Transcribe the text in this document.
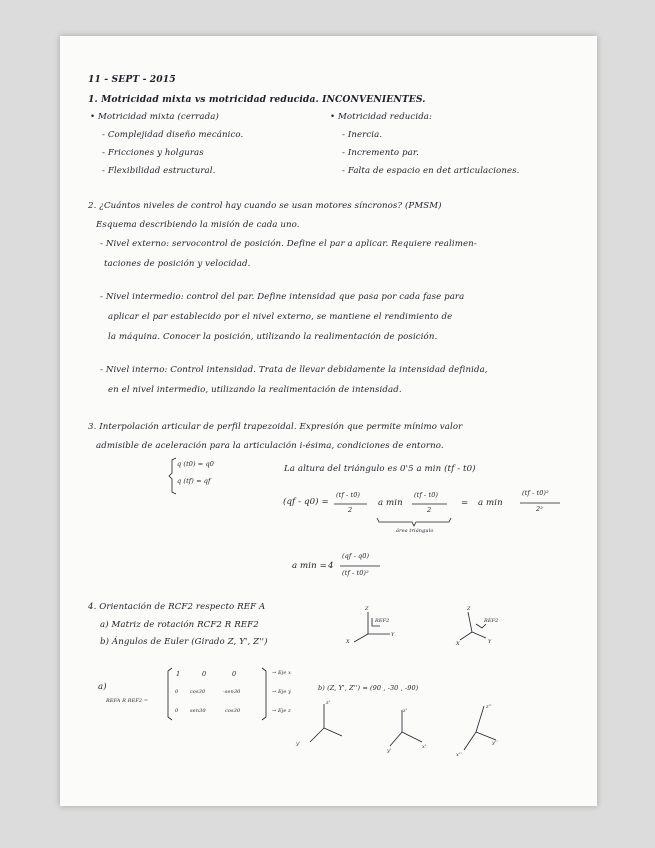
11 - SEPT - 2015
1. Motricidad mixta vs motricidad reducida. INCONVENIENTES.
• Motricidad mixta (cerrada)
- Complejidad diseño mecánico.
- Fricciones y holguras
- Flexibilidad estructural.
• Motricidad reducida:
- Inercia.
- Incremento par.
- Falta de espacio en det articulaciones.
2. ¿Cuántos niveles de control hay cuando se usan motores síncronos? (PMSM)
Esquema describiendo la misión de cada uno.
- Nivel externo: servocontrol de posición. Define el par a aplicar. Requiere realimen-
taciones de posición y velocidad.
- Nivel intermedio: control del par. Define intensidad que pasa por cada fase para
aplicar el par establecido por el nivel externo, se mantiene el rendimiento de
la máquina. Conocer la posición, utilizando la realimentación de posición.
- Nivel interno: Control intensidad. Trata de llevar debidamente la intensidad definida,
en el nivel intermedio, utilizando la realimentación de intensidad.
3. Interpolación articular de perfil trapezoidal. Expresión que permite mínimo valor
admisible de aceleración para la articulación i-ésima, condiciones de entorno.
q (t0) = q0
q (tf) = qf
La altura del triángulo es 0'5 a min (tf - t0)
(qf - q0) =
(tf - t0)
2
a min
(tf - t0)
2
= a min
(tf - t0)²
2²
área triángulo
a min = 4
(qf - q0)
(tf - t0)²
4. Orientación de RCF2 respecto REF A
a) Matriz de rotación RCF2 R REF2
b) Ángulos de Euler (Girado Z, Y', Z'')
Z
Y
X
REF2
Z
X	Y
REF2
a)
REFA R REF2 =
1	0	0
0 cos30	-sen30
0 sen30	cos30
→ Eje x
→ Eje y
→ Eje z
b) (Z, Y', Z'') = (90 , -30 , -90)
z'
y'
z'
y'
x'
z''
y''
x''
